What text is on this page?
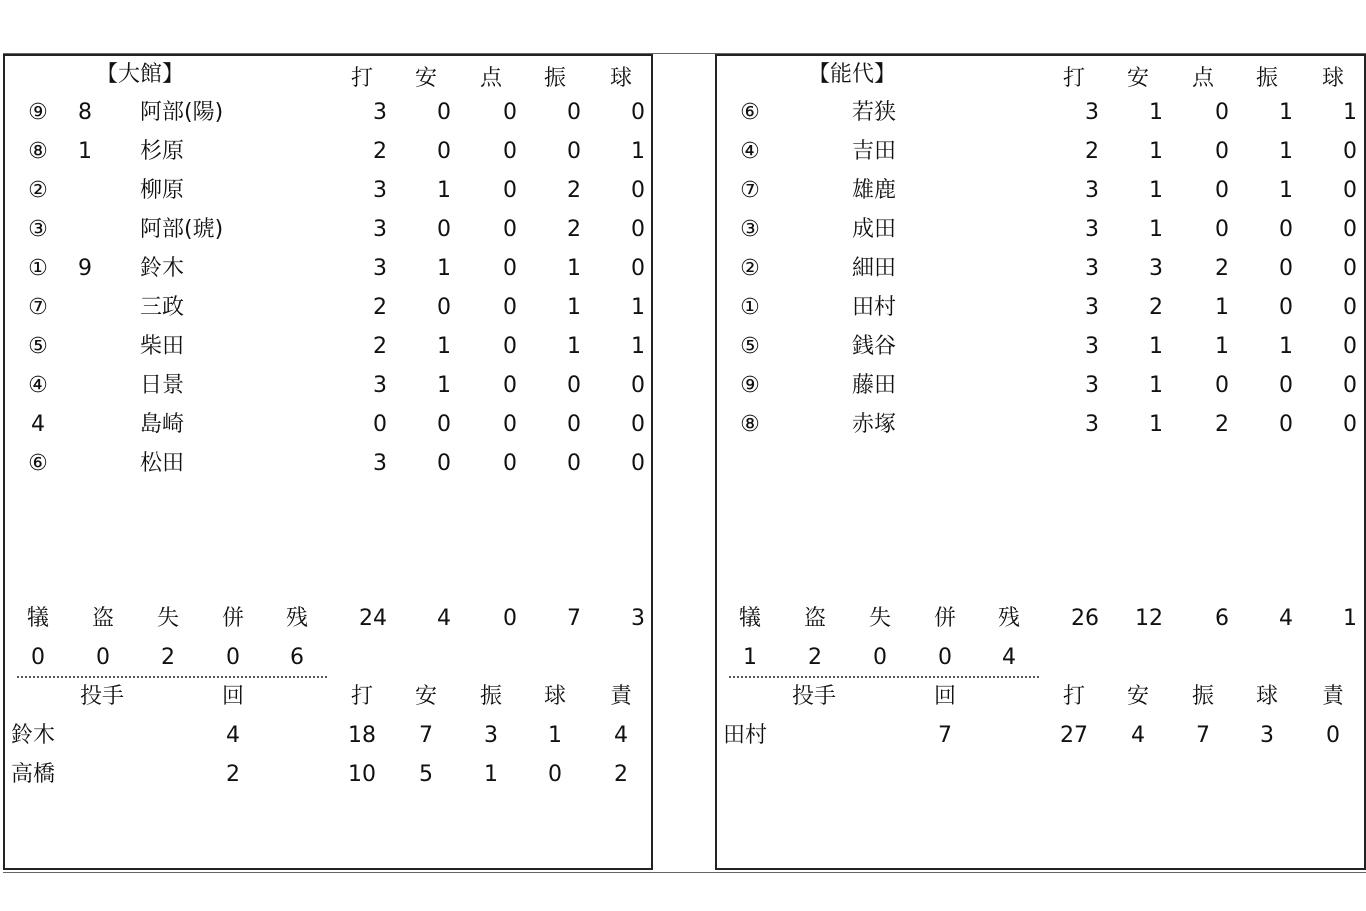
【大館】	打 安 点 振 球
⑨ 8 阿部(陽)	3 0 0 0 0
⑧ 1 杉原	2 0 0 0 1
②	柳原	3 1 0 2 0
③	阿部(琥)	3 0 0 2 0
① 9 鈴木	3 1 0 1 0
⑦	三政	2 0 0 1 1
⑤	柴田	2 1 0 1 1
④	日景	3 1 0 0 0
4	島崎	0 0 0 0 0
⑥	松田	3 0 0 0 0
犠 盗 失 併 残
0 0 2 0 6
24 4 0 7 3
投手	回	打 安 振 球 責
鈴木	4	18 7 3 1 4
高橋	2	10 5 1 0 2
【能代】	打 安 点 振 球
⑥	若狭	3 1 0 1 1
④	吉田	2 1 0 1 0
⑦	雄鹿	3 1 0 1 0
③	成田	3 1 0 0 0
②	細田	3 3 2 0 0
①	田村	3 2 1 0 0
⑤	銭谷	3 1 1 1 0
⑨	藤田	3 1 0 0 0
⑧	赤塚	3 1 2 0 0
犠 盗 失 併 残
1 2 0 0 4
26 12 6 4 1
投手	回	打 安 振 球 責
田村	7	27 4 7 3 0
